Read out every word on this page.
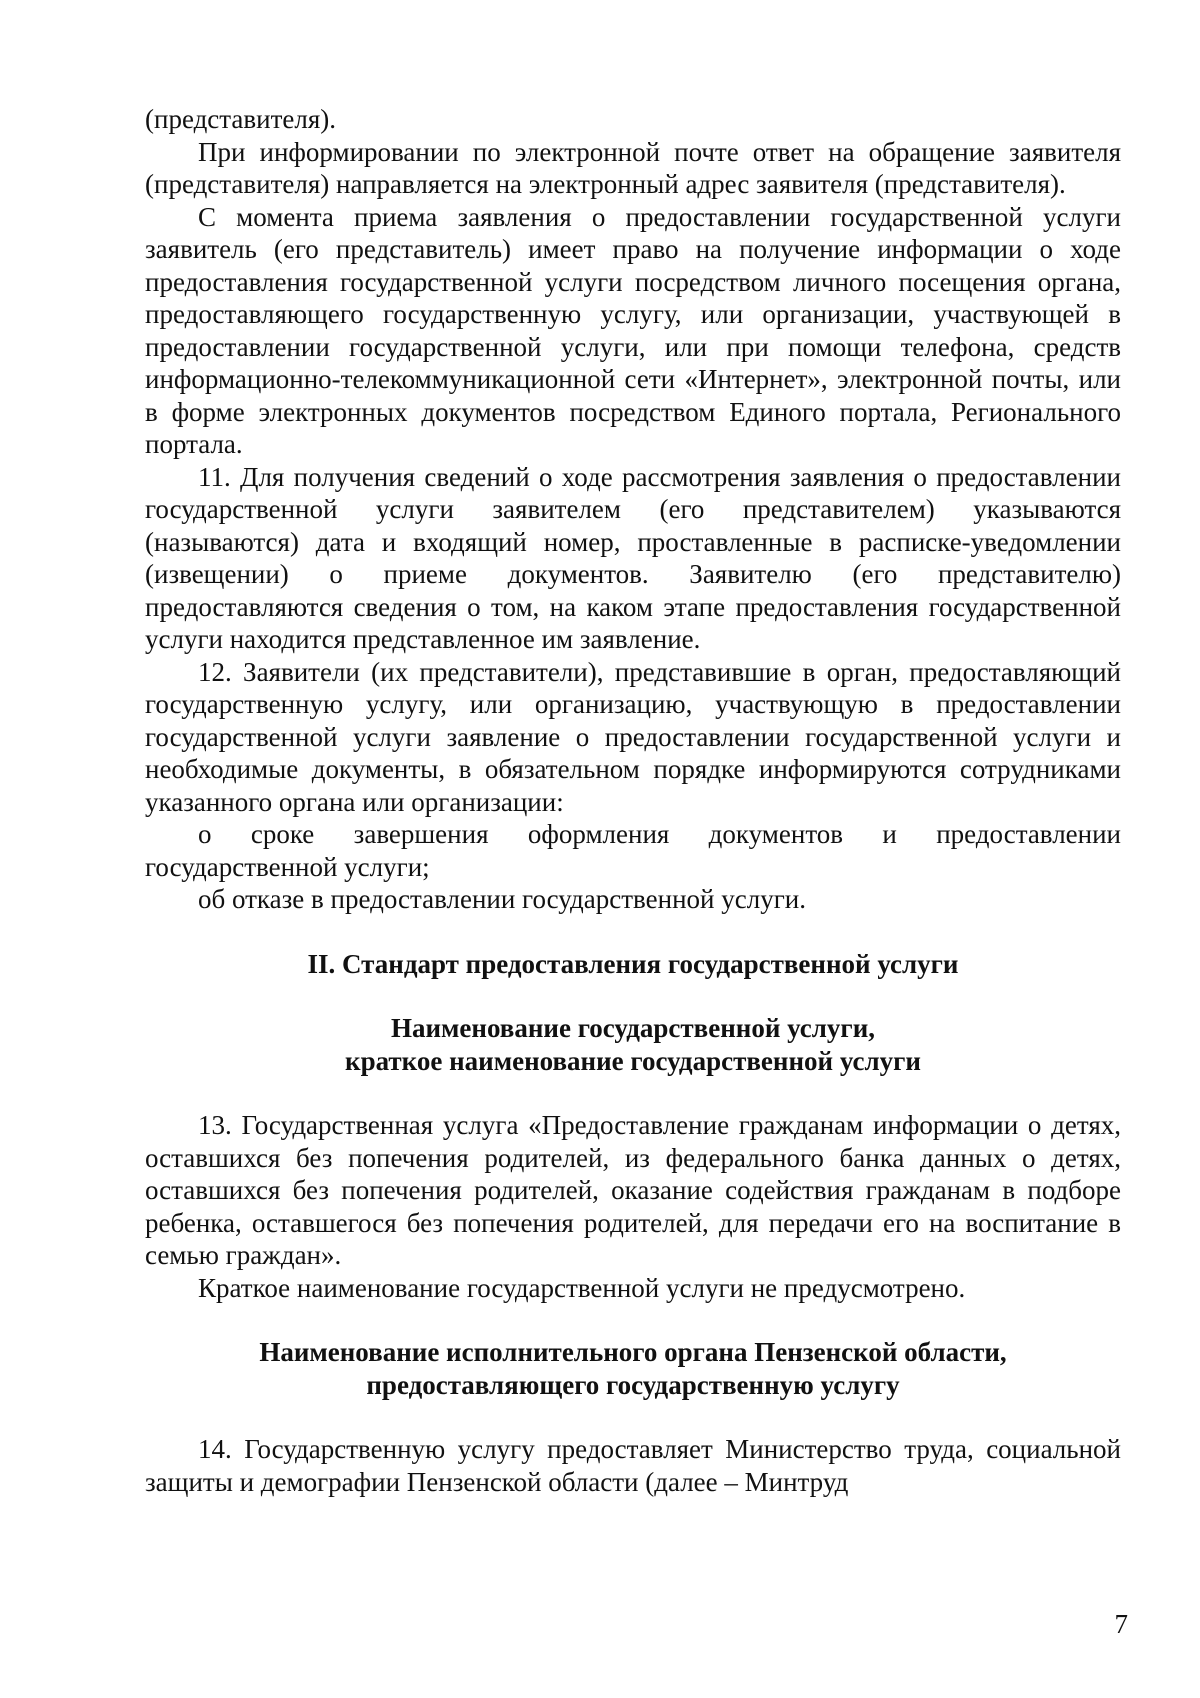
(представителя).

При информировании по электронной почте ответ на обращение заявителя (представителя) направляется на электронный адрес заявителя (представителя).

С момента приема заявления о предоставлении государственной услуги заявитель (его представитель) имеет право на получение информации о ходе предоставления государственной услуги посредством личного посещения органа, предоставляющего государственную услугу, или организации, участвующей в предоставлении государственной услуги, или при помощи телефона, средств информационно-телекоммуникационной сети «Интернет», электронной почты, или в форме электронных документов посредством Единого портала, Регионального портала.

11. Для получения сведений о ходе рассмотрения заявления о предоставлении государственной услуги заявителем (его представителем) указываются (называются) дата и входящий номер, проставленные в расписке-уведомлении (извещении) о приеме документов. Заявителю (его представителю) предоставляются сведения о том, на каком этапе предоставления государственной услуги находится представленное им заявление.

12. Заявители (их представители), представившие в орган, предоставляющий государственную услугу, или организацию, участвующую в предоставлении государственной услуги заявление о предоставлении государственной услуги и необходимые документы, в обязательном порядке информируются сотрудниками указанного органа или организации:

о сроке завершения оформления документов и предоставлении государственной услуги;

об отказе в предоставлении государственной услуги.

II. Стандарт предоставления государственной услуги

Наименование государственной услуги,

краткое наименование государственной услуги

13. Государственная услуга «Предоставление гражданам информации о детях, оставшихся без попечения родителей, из федерального банка данных о детях, оставшихся без попечения родителей, оказание содействия гражданам в подборе ребенка, оставшегося без попечения родителей, для передачи его на воспитание в семью граждан».

Краткое наименование государственной услуги не предусмотрено.

Наименование исполнительного органа Пензенской области,

предоставляющего государственную услугу

14. Государственную услугу предоставляет Министерство труда, социальной защиты и демографии Пензенской области (далее – Минтруд

7
